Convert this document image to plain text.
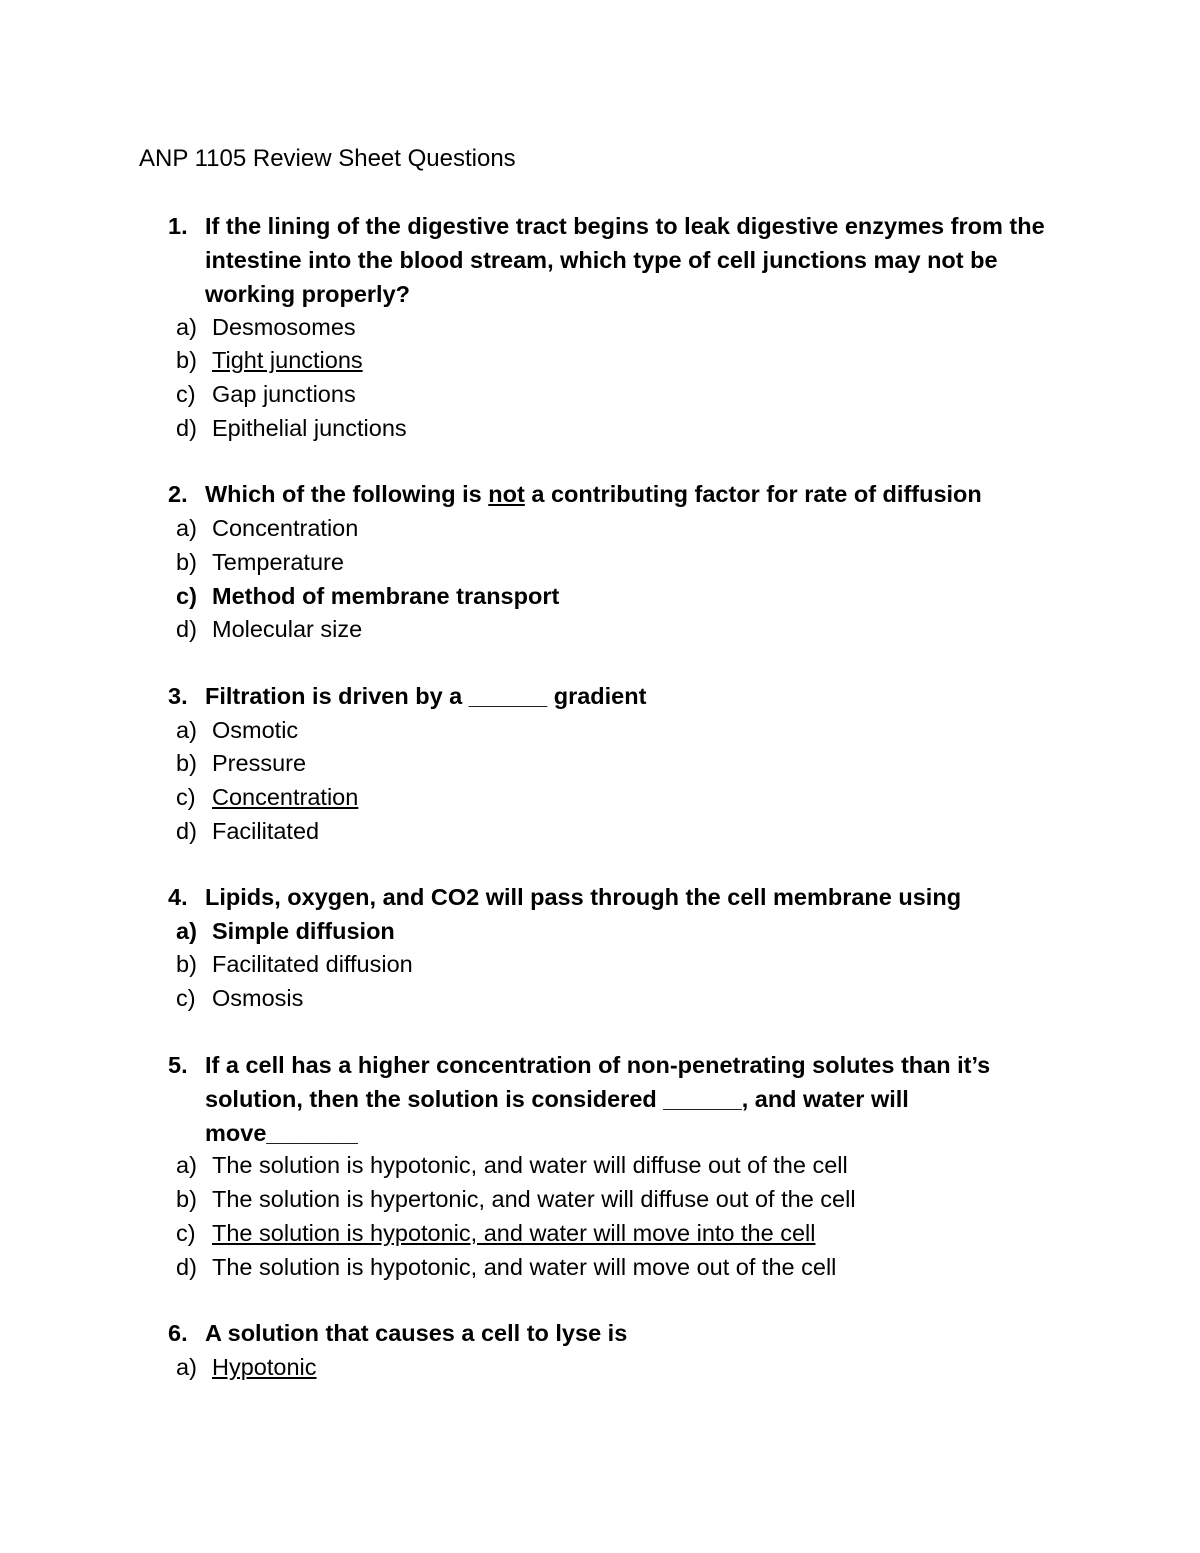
ANP 1105 Review Sheet Questions
1. If the lining of the digestive tract begins to leak digestive enzymes from the intestine into the blood stream, which type of cell junctions may not be working properly?
a) Desmosomes
b) Tight junctions
c) Gap junctions
d) Epithelial junctions
2. Which of the following is not a contributing factor for rate of diffusion
a) Concentration
b) Temperature
c) Method of membrane transport
d) Molecular size
3. Filtration is driven by a ______ gradient
a) Osmotic
b) Pressure
c) Concentration
d) Facilitated
4. Lipids, oxygen, and CO2 will pass through the cell membrane using
a) Simple diffusion
b) Facilitated diffusion
c) Osmosis
5. If a cell has a higher concentration of non-penetrating solutes than it’s solution, then the solution is considered ______, and water will move_______
a) The solution is hypotonic, and water will diffuse out of the cell
b) The solution is hypertonic, and water will diffuse out of the cell
c) The solution is hypotonic, and water will move into the cell
d) The solution is hypotonic, and water will move out of the cell
6. A solution that causes a cell to lyse is
a) Hypotonic
